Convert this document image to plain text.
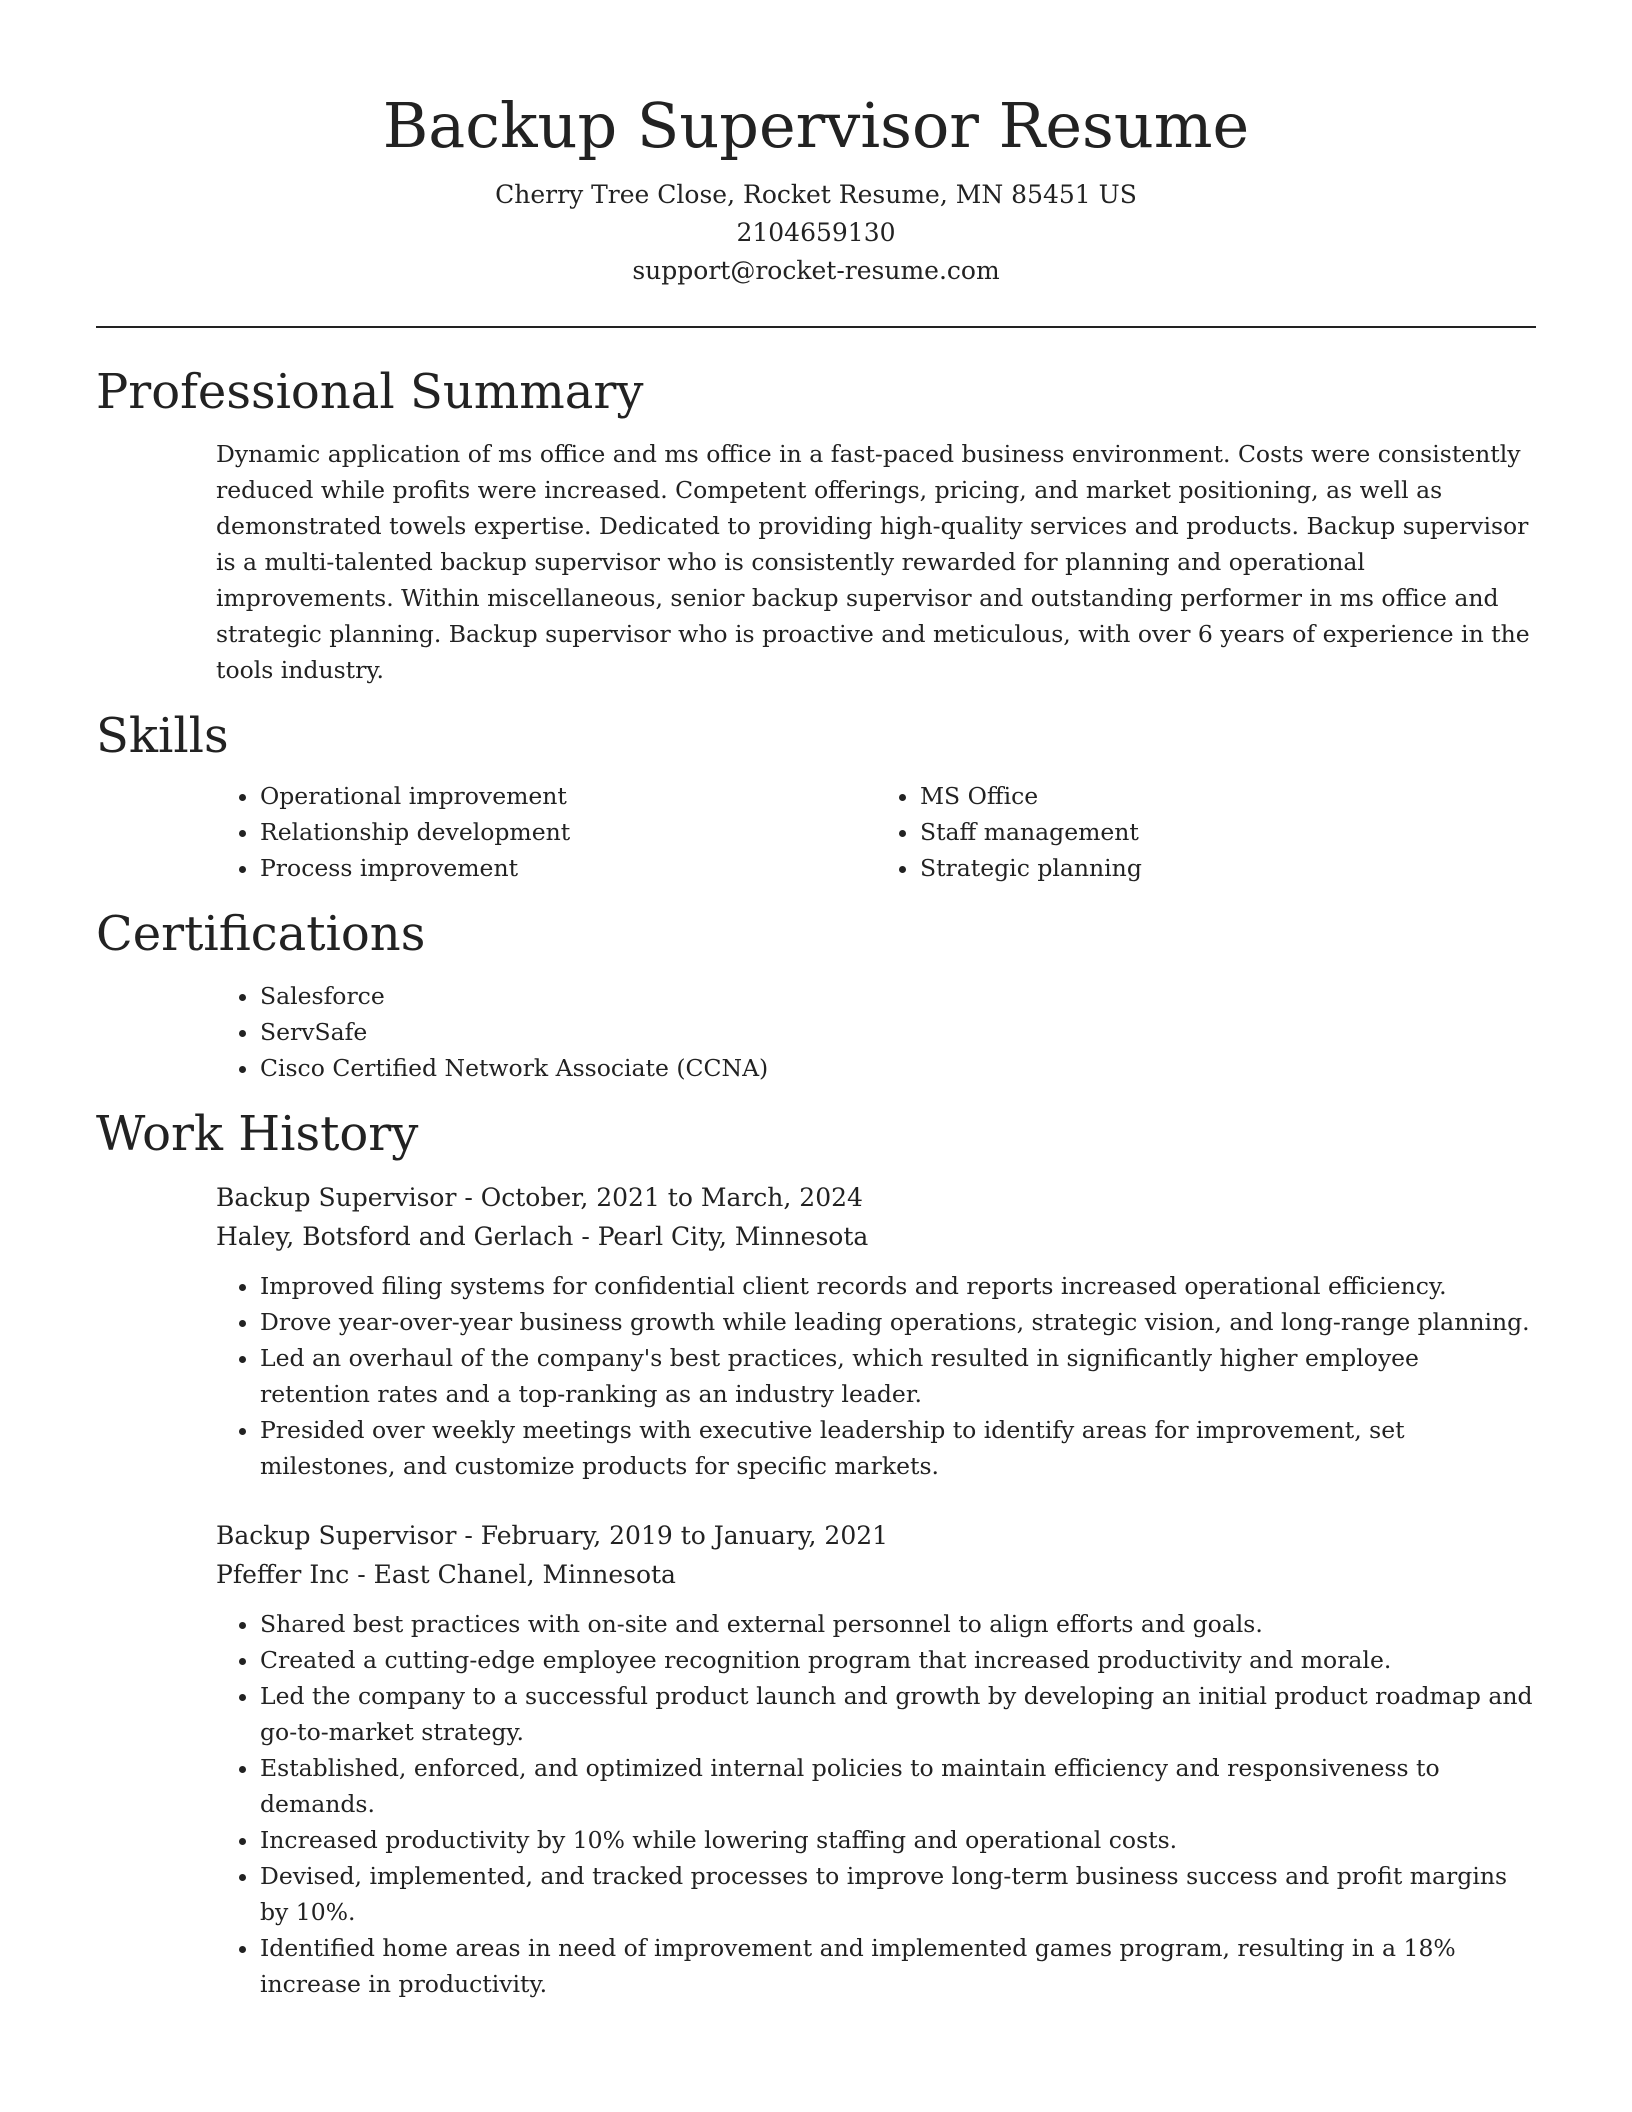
Backup Supervisor Resume
Cherry Tree Close, Rocket Resume, MN 85451 US
2104659130
support@rocket-resume.com
Professional Summary
Dynamic application of ms office and ms office in a fast-paced business environment. Costs were consistently reduced while profits were increased. Competent offerings, pricing, and market positioning, as well as demonstrated towels expertise. Dedicated to providing high-quality services and products. Backup supervisor is a multi-talented backup supervisor who is consistently rewarded for planning and operational improvements. Within miscellaneous, senior backup supervisor and outstanding performer in ms office and strategic planning. Backup supervisor who is proactive and meticulous, with over 6 years of experience in the tools industry.
Skills
• Operational improvement
• Relationship development
• Process improvement
• MS Office
• Staff management
• Strategic planning
Certifications
• Salesforce
• ServSafe
• Cisco Certified Network Associate (CCNA)
Work History
Backup Supervisor - October, 2021 to March, 2024
Haley, Botsford and Gerlach - Pearl City, Minnesota
• Improved filing systems for confidential client records and reports increased operational efficiency.
• Drove year-over-year business growth while leading operations, strategic vision, and long-range planning.
• Led an overhaul of the company's best practices, which resulted in significantly higher employee retention rates and a top-ranking as an industry leader.
• Presided over weekly meetings with executive leadership to identify areas for improvement, set milestones, and customize products for specific markets.
Backup Supervisor - February, 2019 to January, 2021
Pfeffer Inc - East Chanel, Minnesota
• Shared best practices with on-site and external personnel to align efforts and goals.
• Created a cutting-edge employee recognition program that increased productivity and morale.
• Led the company to a successful product launch and growth by developing an initial product roadmap and go-to-market strategy.
• Established, enforced, and optimized internal policies to maintain efficiency and responsiveness to demands.
• Increased productivity by 10% while lowering staffing and operational costs.
• Devised, implemented, and tracked processes to improve long-term business success and profit margins by 10%.
• Identified home areas in need of improvement and implemented games program, resulting in a 18% increase in productivity.
